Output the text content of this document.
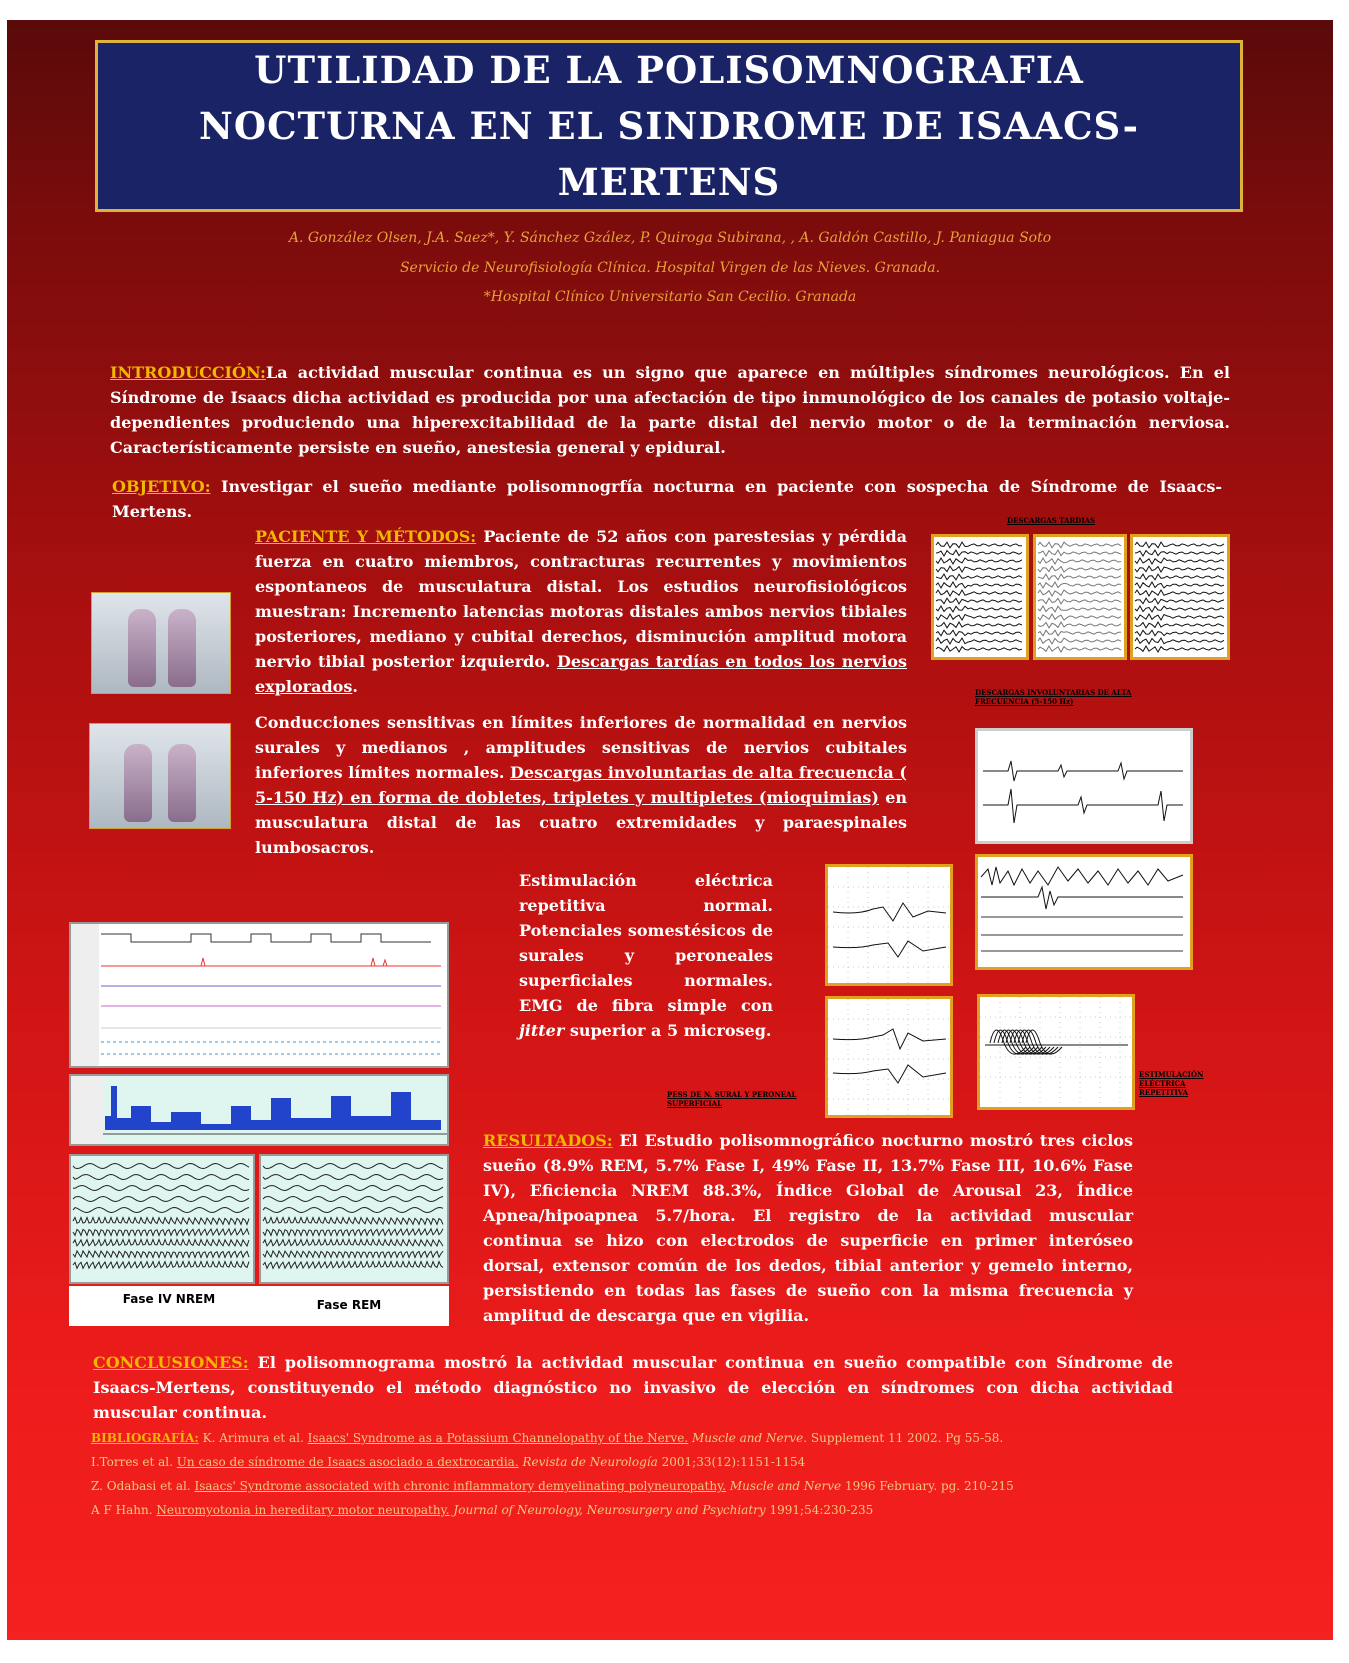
UTILIDAD DE LA POLISOMNOGRAFIA NOCTURNA EN EL SINDROME DE ISAACS-MERTENS
A. González Olsen, J.A. Saez*, Y. Sánchez Gzález, P. Quiroga Subirana, , A. Galdón Castillo, J. Paniagua Soto
Servicio de Neurofisiología Clínica. Hospital Virgen de las Nieves. Granada.
*Hospital Clínico Universitario San Cecilio. Granada
INTRODUCCIÓN:La actividad muscular continua es un signo que aparece en múltiples síndromes neurológicos. En el Síndrome de Isaacs dicha actividad es producida por una afectación de tipo inmunológico de los canales de potasio voltaje-dependientes produciendo una hiperexcitabilidad de la parte distal del nervio motor o de la terminación nerviosa. Característicamente persiste en sueño, anestesia general y epidural.
OBJETIVO: Investigar el sueño mediante polisomnogrfía nocturna en paciente con sospecha de Síndrome de Isaacs-Mertens.
PACIENTE Y MÉTODOS: Paciente de 52 años con parestesias y pérdida fuerza en cuatro miembros, contracturas recurrentes y movimientos espontaneos de musculatura distal. Los estudios neurofisiológicos muestran: Incremento latencias motoras distales ambos nervios tibiales posteriores, mediano y cubital derechos, disminución amplitud motora nervio tibial posterior izquierdo. Descargas tardías en todos los nervios explorados.
Conducciones sensitivas en límites inferiores de normalidad en nervios surales y medianos , amplitudes sensitivas de nervios cubitales inferiores límites normales. Descargas involuntarias de alta frecuencia ( 5-150 Hz) en forma de dobletes, tripletes y multipletes (mioquimias) en musculatura distal de las cuatro extremidades y paraespinales lumbosacros.
Estimulación eléctrica repetitiva normal. Potenciales somestésicos de surales y peroneales superficiales normales. EMG de fibra simple con jitter superior a 5 microseg.
DESCARGAS TARDIAS
DESCARGAS INVOLUNTARIAS DE ALTA FRECUENCIA (5-150 Hz)
PESS DE N. SURAL Y PERONEAL SUPERFICIAL
ESTIMULACIÓN ELÉCTRICA REPETITIVA
Fase IV NREM	Fase REM
RESULTADOS: El Estudio polisomnográfico nocturno mostró tres ciclos sueño (8.9% REM, 5.7% Fase I, 49% Fase II, 13.7% Fase III, 10.6% Fase IV), Eficiencia NREM 88.3%, Índice Global de Arousal 23, Índice Apnea/hipoapnea 5.7/hora. El registro de la actividad muscular continua se hizo con electrodos de superficie en primer interóseo dorsal, extensor común de los dedos, tibial anterior y gemelo interno, persistiendo en todas las fases de sueño con la misma frecuencia y amplitud de descarga que en vigilia.
CONCLUSIONES: El polisomnograma mostró la actividad muscular continua en sueño compatible con Síndrome de Isaacs-Mertens, constituyendo el método diagnóstico no invasivo de elección en síndromes con dicha actividad muscular continua.
BIBLIOGRAFÍA: K. Arimura et al. Isaacs' Syndrome as a Potassium Channelopathy of the Nerve. Muscle and Nerve. Supplement 11 2002. Pg 55-58.
I.Torres et al. Un caso de síndrome de Isaacs asociado a dextrocardia. Revista de Neurología 2001;33(12):1151-1154
Z. Odabasi et al. Isaacs' Syndrome associated with chronic inflammatory demyelinating polyneuropathy. Muscle and Nerve 1996 February. pg. 210-215
A F Hahn. Neuromyotonia in hereditary motor neuropathy. Journal of Neurology, Neurosurgery and Psychiatry 1991;54:230-235
